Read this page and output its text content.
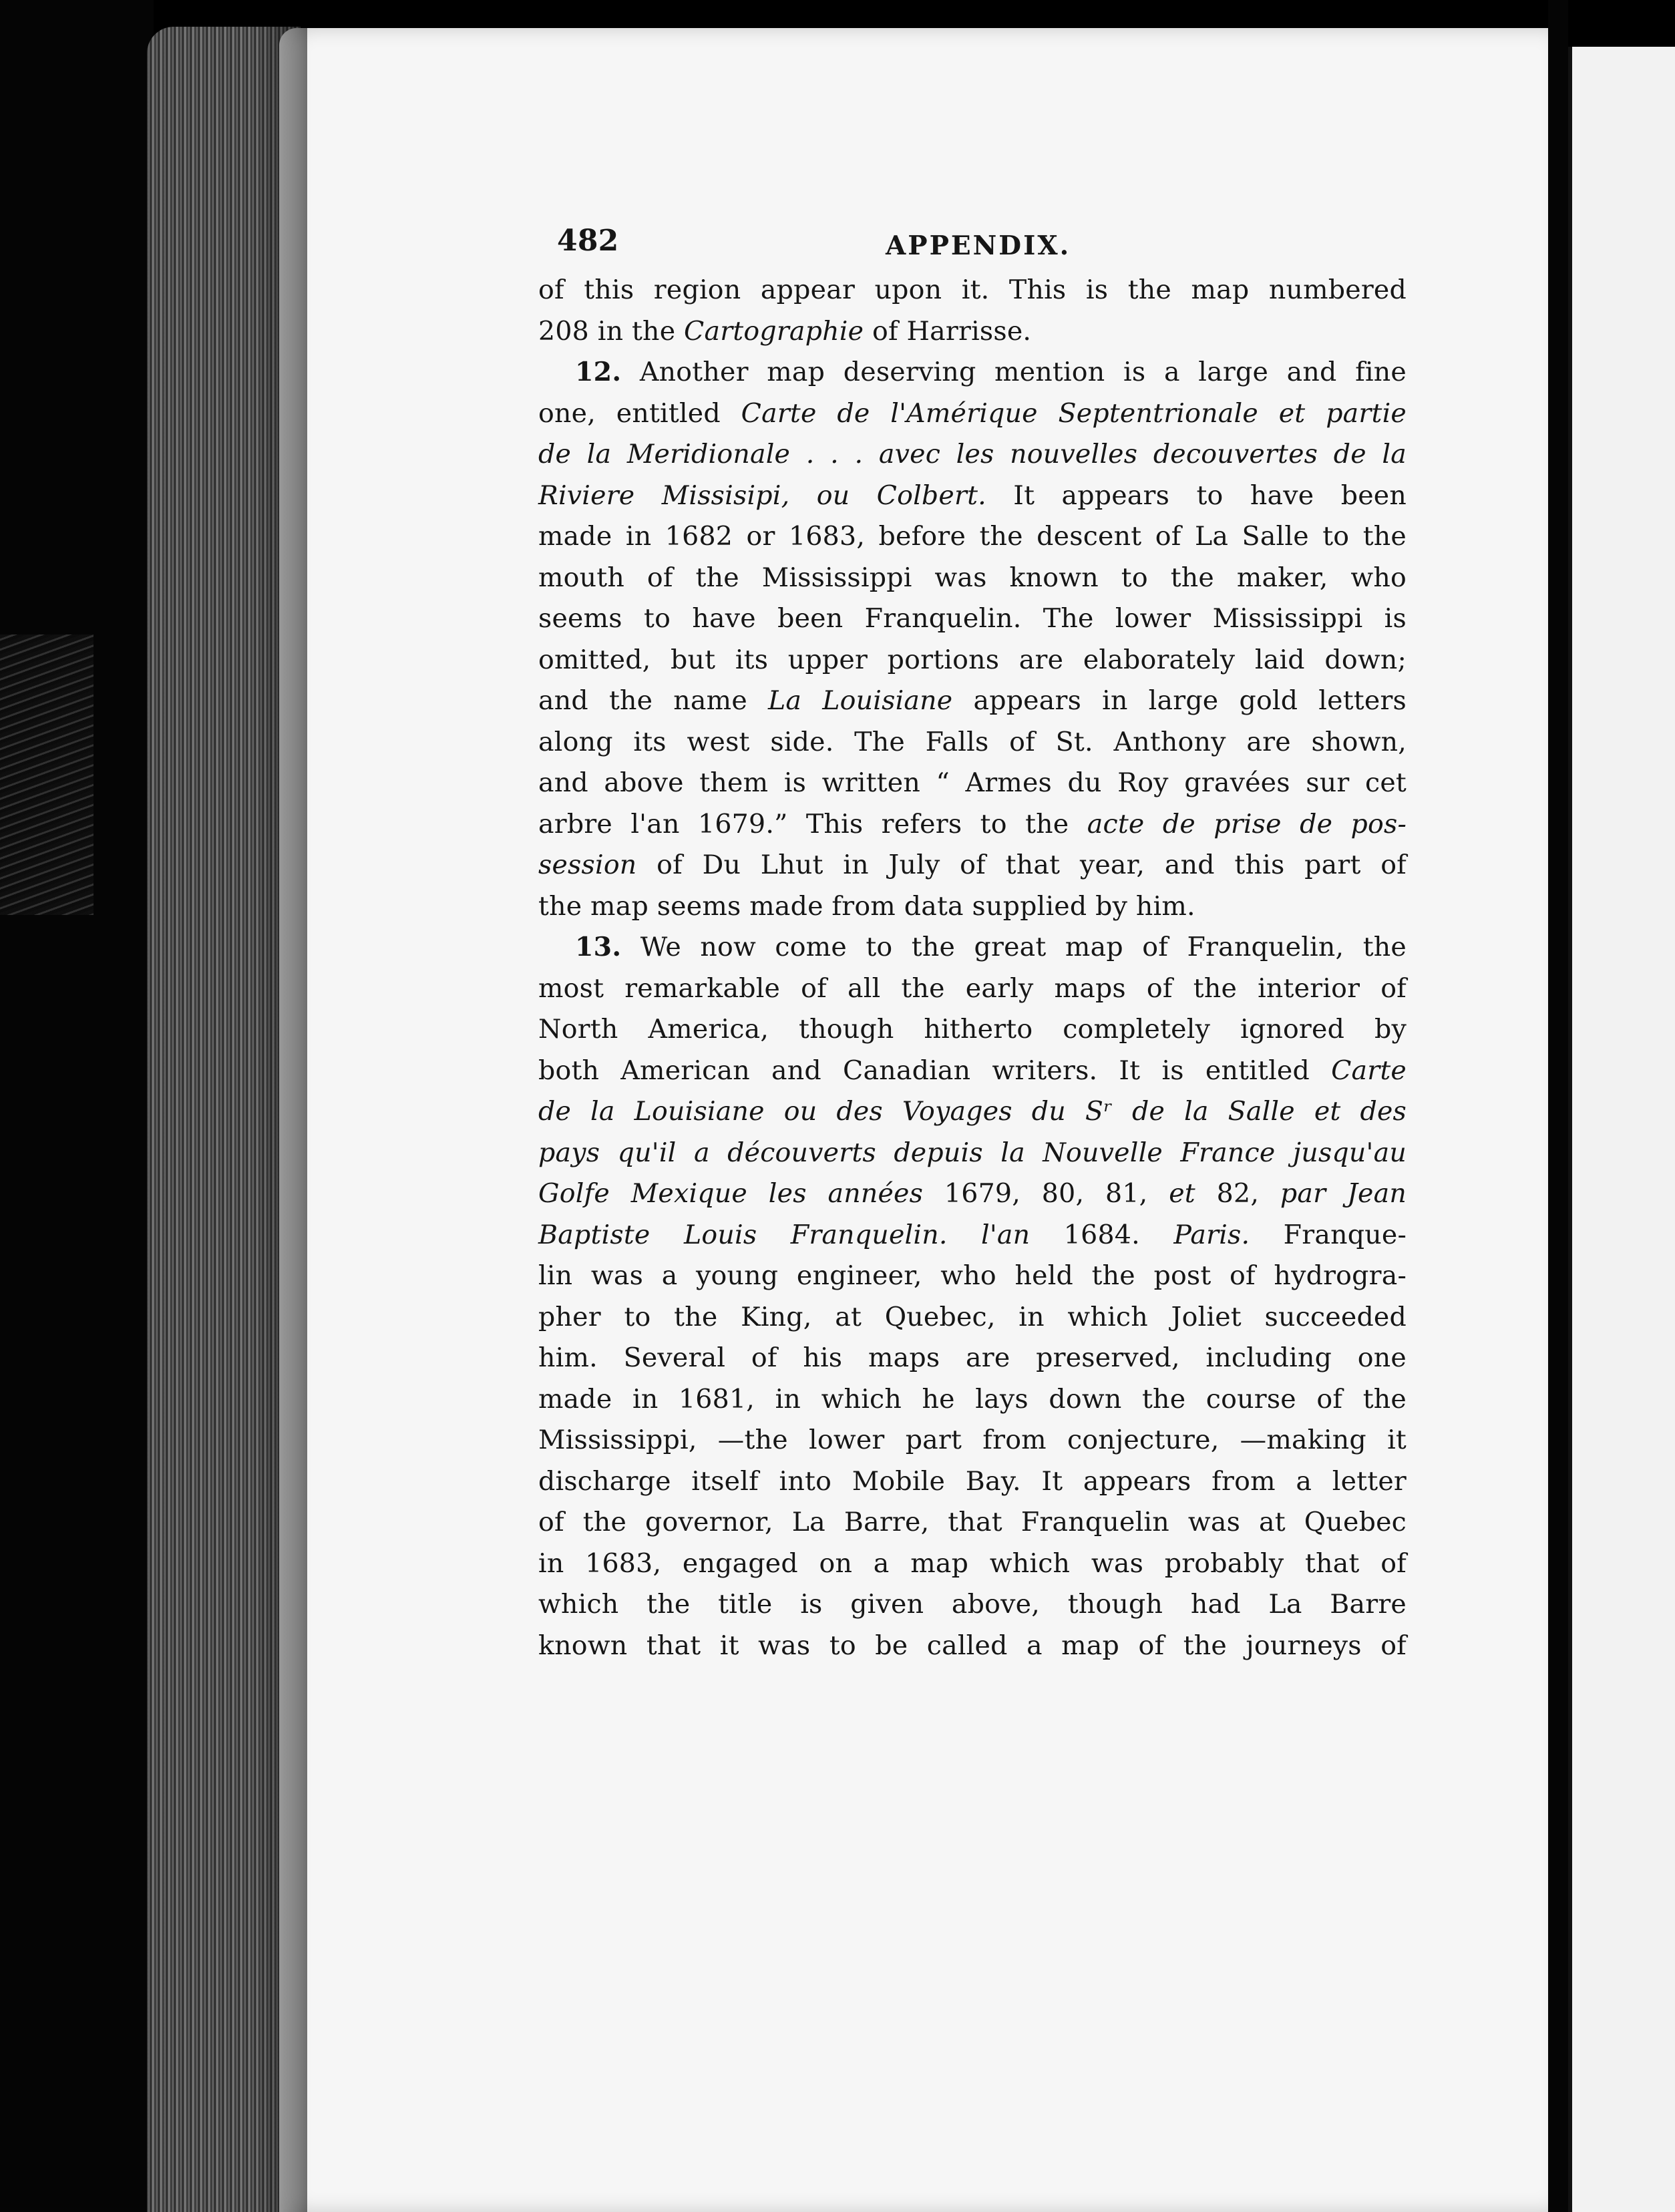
482	APPENDIX.
of this region appear upon it. This is the map numbered
208 in the Cartographie of Harrisse.
12. Another map deserving mention is a large and fine
one, entitled Carte de l'Amérique Septentrionale et partie
de la Meridionale . . . avec les nouvelles decouvertes de la
Riviere Missisipi, ou Colbert. It appears to have been
made in 1682 or 1683, before the descent of La Salle to the
mouth of the Mississippi was known to the maker, who
seems to have been Franquelin. The lower Mississippi is
omitted, but its upper portions are elaborately laid down;
and the name La Louisiane appears in large gold letters
along its west side. The Falls of St. Anthony are shown,
and above them is written “ Armes du Roy gravées sur cet
arbre l'an 1679.” This refers to the acte de prise de pos-
session of Du Lhut in July of that year, and this part of
the map seems made from data supplied by him.
13. We now come to the great map of Franquelin, the
most remarkable of all the early maps of the interior of
North America, though hitherto completely ignored by
both American and Canadian writers. It is entitled Carte
de la Louisiane ou des Voyages du Sʳ de la Salle et des
pays qu'il a découverts depuis la Nouvelle France jusqu'au
Golfe Mexique les années 1679, 80, 81, et 82, par Jean
Baptiste Louis Franquelin. l'an 1684. Paris. Franque-
lin was a young engineer, who held the post of hydrogra-
pher to the King, at Quebec, in which Joliet succeeded
him. Several of his maps are preserved, including one
made in 1681, in which he lays down the course of the
Mississippi, —the lower part from conjecture, —making it
discharge itself into Mobile Bay. It appears from a letter
of the governor, La Barre, that Franquelin was at Quebec
in 1683, engaged on a map which was probably that of
which the title is given above, though had La Barre
known that it was to be called a map of the journeys of
